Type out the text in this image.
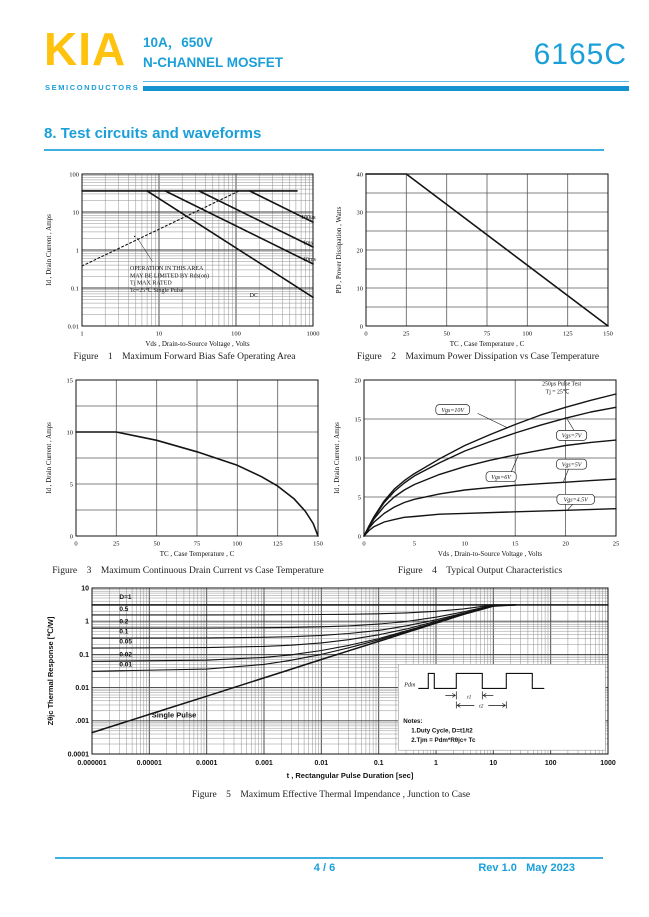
KIA
SEMICONDUCTORS
10A，650V
N-CHANNEL MOSFET	6165C
8. Test circuits and waveforms
1	10	100	1000
0.01
0.1
1
10
100
Vds , Drain-to-Source Voltage , Volts
Id , Drain Current , Amps	100μs
1ms
10ms
DC
OPERATION IN THIS AREA
MAY BE LIMITED BY Rds(on)
Tj MAX RATED
Tc=25℃ Single Pulse
▪
Figure    1    Maximum Forward Bias Safe Operating Area
0	25	50	75	100	125	150
0
10
20
30
40
TC , Case Temperature , C
PD , Power Dissipation , Watts
Figure    2    Maximum Power Dissipation vs Case Temperature
0	25	50	75	100	125	150
0
5
10
15
TC , Case Temperature , C
Id , Drain Current , Amps
Figure    3    Maximum Continuous Drain Current vs Case Temperature
0	5	10	15	20	25
0
5
10
15
20
Vds , Drain-to-Source Voltage , Volts
Id , Drain Current , Amps
Vgs=10V
Vgs=7V
Vgs=6V
Vgs=5V
Vgs=4.5V
250μs Pulse Test
Tj = 25℃
Figure    4    Typical Output Characteristics
0.000001	0.00001	0.0001	0.001	0.01	0.1	1	10	100	1000
0.0001
.001
0.01
0.1
1
10
t , Rectangular Pulse Duration [sec]
Zθjc Thermal Response [℃/W]
D=1
0.5
0.2
0.1
0.05
0.02
0.01
Single Pulse
Pdm
t1
t2
Notes:
1.Duty Cycle, D=t1/t2
2.Tjm = Pdm*Rθjc+ Tc
Figure    5    Maximum Effective Thermal Impendance , Junction to Case
4 / 6	Rev 1.0 May 2023
